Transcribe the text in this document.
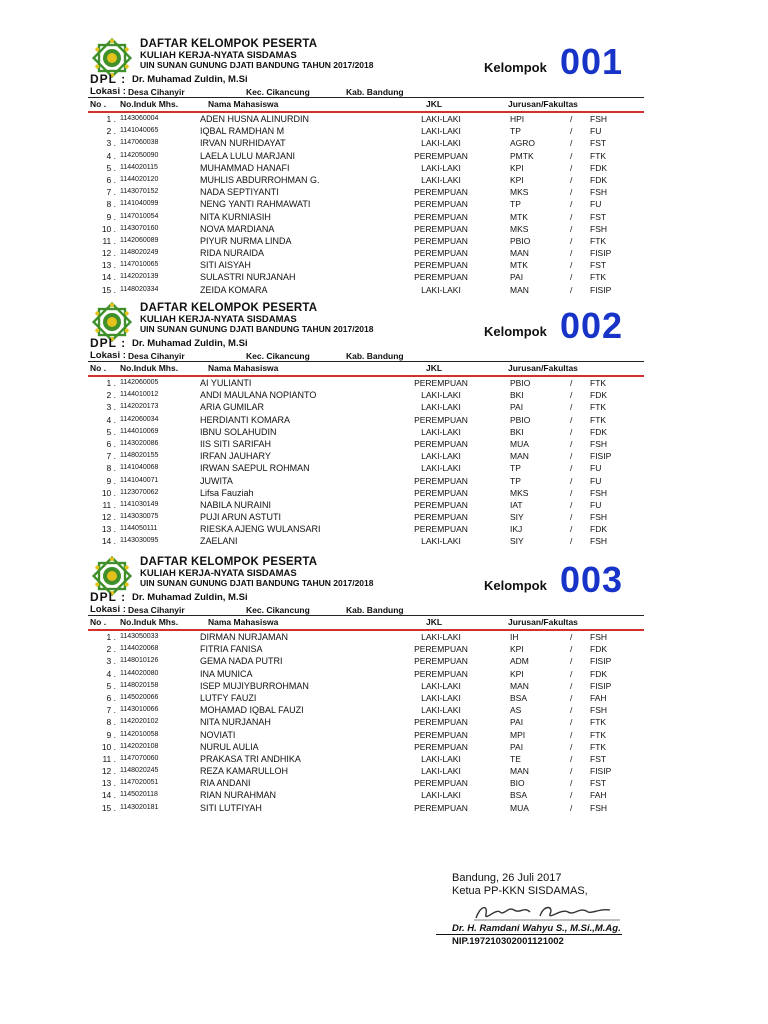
DAFTAR KELOMPOK PESERTA
KULIAH KERJA-NYATA SISDAMAS
UIN SUNAN GUNUNG DJATI BANDUNG TAHUN 2017/2018	Kelompok 001
DPL : Dr. Muhamad Zuldin, M.Si
Lokasi : Desa Cihanyir	Kec. Cikancung	Kab. Bandung
No . No.Induk Mhs.	Nama Mahasiswa	JKL	Jurusan/Fakultas
1 . 1143060004	ADEN HUSNA ALINURDIN	LAKI-LAKI	HPI	/ FSH
2 . 1141040065	IQBAL RAMDHAN M	LAKI-LAKI	TP	/ FU
3 . 1147060038	IRVAN NURHIDAYAT	LAKI-LAKI	AGRO	/ FST
4 . 1142050090	LAELA LULU MARJANI	PEREMPUAN	PMTK	/ FTK
5 . 1144020115	MUHAMMAD HANAFI	LAKI-LAKI	KPI	/ FDK
6 . 1144020120	MUHLIS ABDURROHMAN G.	LAKI-LAKI	KPI	/ FDK
7 . 1143070152	NADA SEPTIYANTI	PEREMPUAN	MKS	/ FSH
8 . 1141040099	NENG YANTI RAHMAWATI	PEREMPUAN	TP	/ FU
9 . 1147010054	NITA KURNIASIH	PEREMPUAN	MTK	/ FST
10 . 1143070160	NOVA MARDIANA	PEREMPUAN	MKS	/ FSH
11 . 1142060089	PIYUR NURMA LINDA	PEREMPUAN	PBIO	/ FTK
12 . 1148020249	RIDA NURAIDA	PEREMPUAN	MAN	/ FISIP
13 . 1147010065	SITI AISYAH	PEREMPUAN	MTK	/ FST
14 . 1142020139	SULASTRI NURJANAH	PEREMPUAN	PAI	/ FTK
15 . 1148020334	ZEIDA KOMARA	LAKI-LAKI	MAN	/ FISIP
DAFTAR KELOMPOK PESERTA
KULIAH KERJA-NYATA SISDAMAS
UIN SUNAN GUNUNG DJATI BANDUNG TAHUN 2017/2018	Kelompok 002
DPL : Dr. Muhamad Zuldin, M.Si
Lokasi : Desa Cihanyir	Kec. Cikancung	Kab. Bandung
No . No.Induk Mhs.	Nama Mahasiswa	JKL	Jurusan/Fakultas
1 . 1142060005	AI YULIANTI	PEREMPUAN	PBIO	/ FTK
2 . 1144010012	ANDI MAULANA NOPIANTO	LAKI-LAKI	BKI	/ FDK
3 . 1142020173	ARIA GUMILAR	LAKI-LAKI	PAI	/ FTK
4 . 1142060034	HERDIANTI KOMARA	PEREMPUAN	PBIO	/ FTK
5 . 1144010069	IBNU SOLAHUDIN	LAKI-LAKI	BKI	/ FDK
6 . 1143020086	IIS SITI SARIFAH	PEREMPUAN	MUA	/ FSH
7 . 1148020155	IRFAN JAUHARY	LAKI-LAKI	MAN	/ FISIP
8 . 1141040068	IRWAN SAEPUL ROHMAN	LAKI-LAKI	TP	/ FU
9 . 1141040071	JUWITA	PEREMPUAN	TP	/ FU
10 . 1123070062	Lifsa Fauziah	PEREMPUAN	MKS	/ FSH
11 . 1141030149	NABILA NURAINI	PEREMPUAN	IAT	/ FU
12 . 1143030075	PUJI ARUN ASTUTI	PEREMPUAN	SIY	/ FSH
13 . 1144050111	RIESKA AJENG WULANSARI	PEREMPUAN	IKJ	/ FDK
14 . 1143030095	ZAELANI	LAKI-LAKI	SIY	/ FSH
DAFTAR KELOMPOK PESERTA
KULIAH KERJA-NYATA SISDAMAS
UIN SUNAN GUNUNG DJATI BANDUNG TAHUN 2017/2018	Kelompok 003
DPL : Dr. Muhamad Zuldin, M.Si
Lokasi : Desa Cihanyir	Kec. Cikancung	Kab. Bandung
No . No.Induk Mhs.	Nama Mahasiswa	JKL	Jurusan/Fakultas
1 . 1143050033	DIRMAN NURJAMAN	LAKI-LAKI	IH	/ FSH
2 . 1144020068	FITRIA FANISA	PEREMPUAN	KPI	/ FDK
3 . 1148010126	GEMA NADA PUTRI	PEREMPUAN	ADM	/ FISIP
4 . 1144020080	INA MUNICA	PEREMPUAN	KPI	/ FDK
5 . 1148020158	ISEP MUJIYBURROHMAN	LAKI-LAKI	MAN	/ FISIP
6 . 1145020066	LUTFY FAUZI	LAKI-LAKI	BSA	/ FAH
7 . 1143010066	MOHAMAD IQBAL FAUZI	LAKI-LAKI	AS	/ FSH
8 . 1142020102	NITA NURJANAH	PEREMPUAN	PAI	/ FTK
9 . 1142010058	NOVIATI	PEREMPUAN	MPI	/ FTK
10 . 1142020108	NURUL AULIA	PEREMPUAN	PAI	/ FTK
11 . 1147070060	PRAKASA TRI ANDHIKA	LAKI-LAKI	TE	/ FST
12 . 1148020245	REZA KAMARULLOH	LAKI-LAKI	MAN	/ FISIP
13 . 1147020051	RIA ANDANI	PEREMPUAN	BIO	/ FST
14 . 1145020118	RIAN NURAHMAN	LAKI-LAKI	BSA	/ FAH
15 . 1143020181	SITI LUTFIYAH	PEREMPUAN	MUA	/ FSH
Bandung, 26 Juli 2017
Ketua PP-KKN SISDAMAS,
Dr. H. Ramdani Wahyu S., M.Si.,M.Ag.
NIP.197210302001121002
